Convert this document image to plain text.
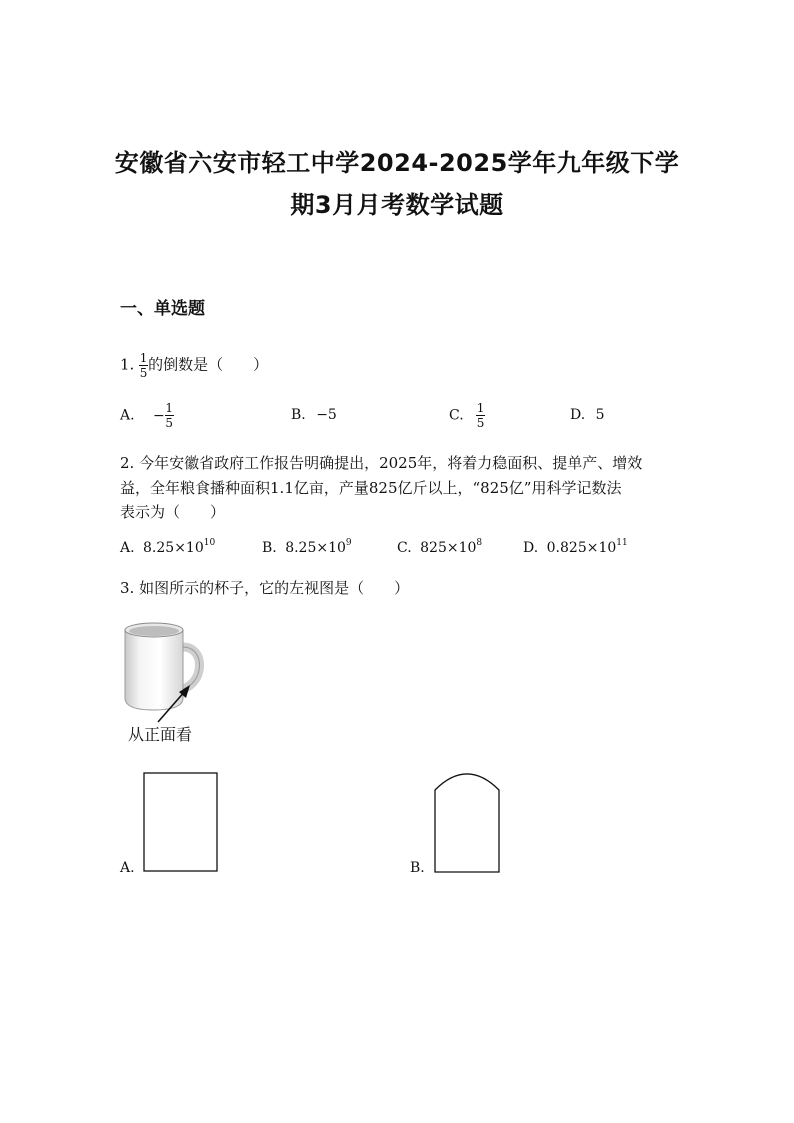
安徽省六安市轻工中学2024-2025学年九年级下学
期3月月考数学试题
一、单选题
1. $\frac{1}{5}$ 的倒数是（　　）
A. − $\frac{1}{5}$	B. −5	C. $\frac{1}{5}$	D. 5
2. 今年安徽省政府工作报告明确提出，2025年，将着力稳面积、提单产、增效
益，全年粮食播种面积1.1亿亩，产量825亿斤以上，“825亿”用科学记数法
表示为（　　）
A. $8.25\times 10^{10}$	B. $8.25\times 10^9$	C. $825\times 10^8$	D. $0.825\times 10^{11}$
3. 如图所示的杯子，它的左视图是（　　）
从正面看
A.	B.
